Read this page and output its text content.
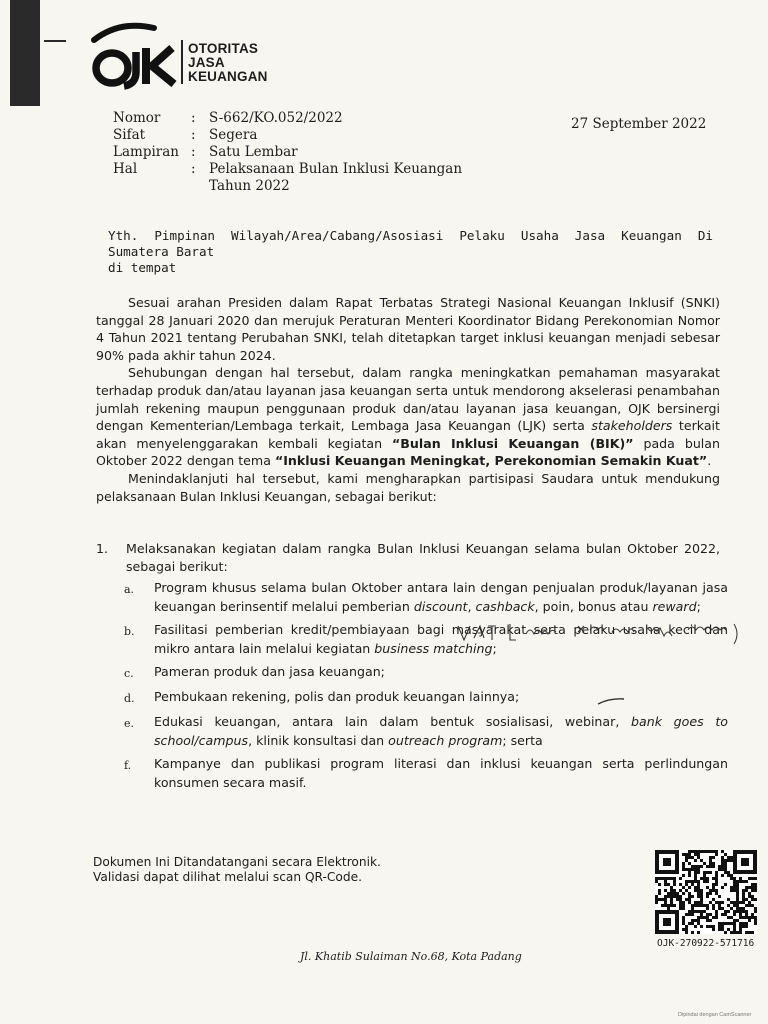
OTORITAS
JASA
KEUANGAN
Nomor	: S-662/KO.052/2022
Sifat	: Segera
Lampiran : Satu Lembar
Hal	: Pelaksanaan Bulan Inklusi Keuangan Tahun 2022
27 September 2022
Yth. Pimpinan Wilayah/Area/Cabang/Asosiasi Pelaku Usaha Jasa Keuangan Di
Sumatera Barat
di tempat

Sesuai arahan Presiden dalam Rapat Terbatas Strategi Nasional Keuangan Inklusif (SNKI) tanggal 28 Januari 2020 dan merujuk Peraturan Menteri Koordinator Bidang Perekonomian Nomor 4 Tahun 2021 tentang Perubahan SNKI, telah ditetapkan target inklusi keuangan menjadi sebesar 90% pada akhir tahun 2024.

Sehubungan dengan hal tersebut, dalam rangka meningkatkan pemahaman masyarakat terhadap produk dan/atau layanan jasa keuangan serta untuk mendorong akselerasi penambahan jumlah rekening maupun penggunaan produk dan/atau layanan jasa keuangan, OJK bersinergi dengan Kementerian/Lembaga terkait, Lembaga Jasa Keuangan (LJK) serta stakeholders terkait akan menyelenggarakan kembali kegiatan “Bulan Inklusi Keuangan (BIK)” pada bulan Oktober 2022 dengan tema “Inklusi Keuangan Meningkat, Perekonomian Semakin Kuat”.

Menindaklanjuti hal tersebut, kami mengharapkan partisipasi Saudara untuk mendukung pelaksanaan Bulan Inklusi Keuangan, sebagai berikut:

1.	Melaksanakan kegiatan dalam rangka Bulan Inklusi Keuangan selama bulan Oktober 2022, sebagai berikut:
a.	Program khusus selama bulan Oktober antara lain dengan penjualan produk/layanan jasa keuangan berinsentif melalui pemberian discount, cashback, poin, bonus atau reward;
b.	Fasilitasi pemberian kredit/pembiayaan bagi masyarakat serta pelaku usaha kecil dan mikro antara lain melalui kegiatan business matching;
c.	Pameran produk dan jasa keuangan;
d.	Pembukaan rekening, polis dan produk keuangan lainnya;
e.	Edukasi keuangan, antara lain dalam bentuk sosialisasi, webinar, bank goes to school/campus, klinik konsultasi dan outreach program; serta
f.	Kampanye dan publikasi program literasi dan inklusi keuangan serta perlindungan konsumen secara masif.
Dokumen Ini Ditandatangani secara Elektronik.
Validasi dapat dilihat melalui scan QR-Code.
OJK-270922-571716
Jl. Khatib Sulaiman No.68, Kota Padang
Dipindai dengan CamScanner
